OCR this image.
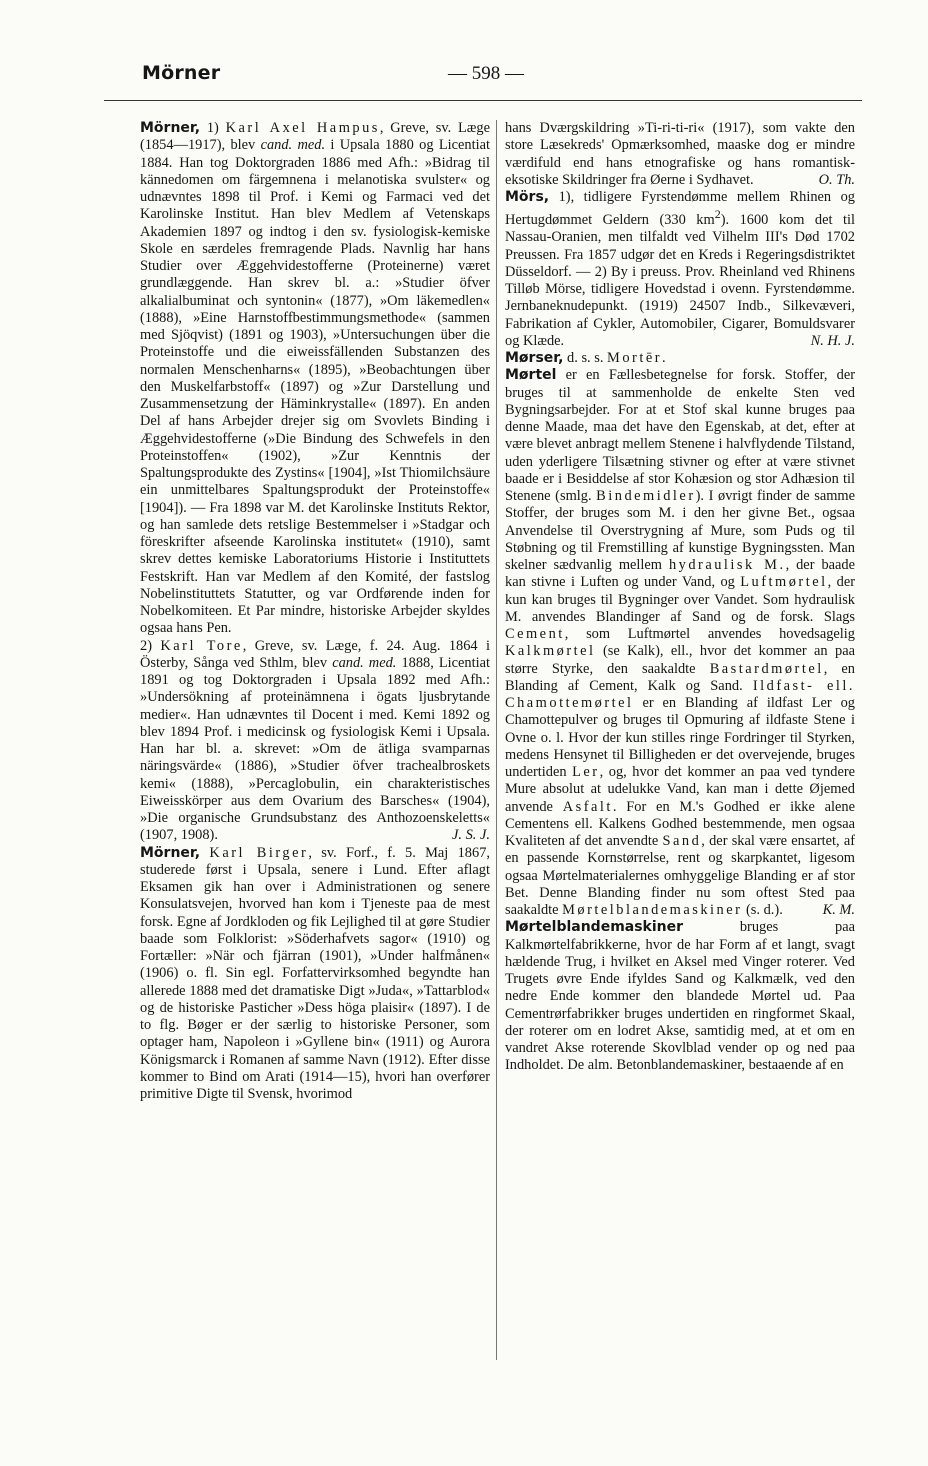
Mörner	— 598 —

Mörner, 1) Karl Axel Hampus, Greve, sv. Læge (1854—1917), blev cand. med. i Upsala 1880 og Licentiat 1884. Han tog Doktorgraden 1886 med Afh.: »Bidrag til kännedomen om färgemnena i melanotiska svulster« og udnævntes 1898 til Prof. i Kemi og Farmaci ved det Karolinske Institut. Han blev Medlem af Vetenskaps Akademien 1897 og indtog i den sv. fysiologisk-kemiske Skole en særdeles fremragende Plads. Navnlig har hans Studier over Æggehvidestofferne (Proteinerne) været grundlæggende. Han skrev bl. a.: »Studier öfver alkalialbuminat och syntonin« (1877), »Om läkemedlen« (1888), »Eine Harnstoffbestimmungsmethode« (sammen med Sjöqvist) (1891 og 1903), »Untersuchungen über die Proteinstoffe und die eiweissfällenden Substanzen des normalen Menschenharns« (1895), »Beobachtungen über den Muskelfarbstoff« (1897) og »Zur Darstellung und Zusammensetzung der Häminkrystalle« (1897). En anden Del af hans Arbejder drejer sig om Svovlets Binding i Æggehvidestofferne (»Die Bindung des Schwefels in den Proteinstoffen« (1902), »Zur Kenntnis der Spaltungsprodukte des Zystins« [1904], »Ist Thiomilchsäure ein unmittelbares Spaltungsprodukt der Proteinstoffe« [1904]). — Fra 1898 var M. det Karolinske Instituts Rektor, og han samlede dets retslige Bestemmelser i »Stadgar och föreskrifter afseende Karolinska institutet« (1910), samt skrev dettes kemiske Laboratoriums Historie i Instituttets Festskrift. Han var Medlem af den Komité, der fastslog Nobelinstituttets Statutter, og var Ordførende inden for Nobelkomiteen. Et Par mindre, historiske Arbejder skyldes ogsaa hans Pen.

2) Karl Tore, Greve, sv. Læge, f. 24. Aug. 1864 i Österby, Sånga ved Sthlm, blev cand. med. 1888, Licentiat 1891 og tog Doktorgraden i Upsala 1892 med Afh.: »Undersökning af proteinämnena i ögats ljusbrytande medier«. Han udnævntes til Docent i med. Kemi 1892 og blev 1894 Prof. i medicinsk og fysiologisk Kemi i Upsala. Han har bl. a. skrevet: »Om de ätliga svamparnas näringsvärde« (1886), »Studier öfver trachealbroskets kemi« (1888), »Percaglobulin, ein charakteristisches Eiweisskörper aus dem Ovarium des Barsches« (1904), »Die organische Grundsubstanz des Anthozoenskeletts« (1907, 1908).	J. S. J.

Mörner, Karl Birger, sv. Forf., f. 5. Maj 1867, studerede først i Upsala, senere i Lund. Efter aflagt Eksamen gik han over i Administrationen og senere Konsulatsvejen, hvorved han kom i Tjeneste paa de mest forsk. Egne af Jordkloden og fik Lejlighed til at gøre Studier baade som Folklorist: »Söderhafvets sagor« (1910) og Fortæller: »När och fjärran (1901), »Under halfmånen« (1906) o. fl. Sin egl. Forfattervirksomhed begyndte han allerede 1888 med det dramatiske Digt »Juda«, »Tattarblod« og de historiske Pasticher »Dess höga plaisir« (1897). I de to flg. Bøger er der særlig to historiske Personer, som optager ham, Napoleon i »Gyllene bin« (1911) og Aurora Königsmarck i Romanen af samme Navn (1912). Efter disse kommer to Bind om Arati (1914—15), hvori han overfører primitive Digte til Svensk, hvorimod

hans Dværgskildring »Ti-ri-ti-ri« (1917), som vakte den store Læsekreds' Opmærksomhed, maaske dog er mindre værdifuld end hans etnografiske og hans romantisk-eksotiske Skildringer fra Øerne i Sydhavet.	O. Th.

Mörs, 1), tidligere Fyrstendømme mellem Rhinen og Hertugdømmet Geldern (330 $km^2$). 1600 kom det til Nassau-Oranien, men tilfaldt ved Vilhelm III's Død 1702 Preussen. Fra 1857 udgør det en Kreds i Regeringsdistriktet Düsseldorf. — 2) By i preuss. Prov. Rheinland ved Rhinens Tilløb Mörse, tidligere Hovedstad i ovenn. Fyrstendømme. Jernbaneknudepunkt. (1919) 24507 Indb., Silkevæveri, Fabrikation af Cykler, Automobiler, Cigarer, Bomuldsvarer og Klæde.	N. H. J.

Mørser, d. s. s. Mortēr.

Mørtel er en Fællesbetegnelse for forsk. Stoffer, der bruges til at sammenholde de enkelte Sten ved Bygningsarbejder. For at et Stof skal kunne bruges paa denne Maade, maa det have den Egenskab, at det, efter at være blevet anbragt mellem Stenene i halvflydende Tilstand, uden yderligere Tilsætning stivner og efter at være stivnet baade er i Besiddelse af stor Kohæsion og stor Adhæsion til Stenene (smlg. Bindemidler). I øvrigt finder de samme Stoffer, der bruges som M. i den her givne Bet., ogsaa Anvendelse til Overstrygning af Mure, som Puds og til Støbning og til Fremstilling af kunstige Bygningssten. Man skelner sædvanlig mellem hydraulisk M., der baade kan stivne i Luften og under Vand, og Luftmørtel, der kun kan bruges til Bygninger over Vandet. Som hydraulisk M. anvendes Blandinger af Sand og de forsk. Slags Cement, som Luftmørtel anvendes hovedsagelig Kalkmørtel (se Kalk), ell., hvor det kommer an paa større Styrke, den saakaldte Bastardmørtel, en Blanding af Cement, Kalk og Sand. Ildfast- ell. Chamottemørtel er en Blanding af ildfast Ler og Chamottepulver og bruges til Opmuring af ildfaste Stene i Ovne o. l. Hvor der kun stilles ringe Fordringer til Styrken, medens Hensynet til Billigheden er det overvejende, bruges undertiden Ler, og, hvor det kommer an paa ved tyndere Mure absolut at udelukke Vand, kan man i dette Øjemed anvende Asfalt. For en M.'s Godhed er ikke alene Cementens ell. Kalkens Godhed bestemmende, men ogsaa Kvaliteten af det anvendte Sand, der skal være ensartet, af en passende Kornstørrelse, rent og skarpkantet, ligesom ogsaa Mørtelmaterialernes omhyggelige Blanding er af stor Bet. Denne Blanding finder nu som oftest Sted paa saakaldte Mørtelblandemaskiner (s. d.).	K. M.

Mørtelblandemaskiner bruges paa Kalkmørtelfabrikkerne, hvor de har Form af et langt, svagt hældende Trug, i hvilket en Aksel med Vinger roterer. Ved Trugets øvre Ende ifyldes Sand og Kalkmælk, ved den nedre Ende kommer den blandede Mørtel ud. Paa Cementrørfabrikker bruges undertiden en ringformet Skaal, der roterer om en lodret Akse, samtidig med, at et om en vandret Akse roterende Skovlblad vender op og ned paa Indholdet. De alm. Betonblandemaskiner, bestaaende af en
